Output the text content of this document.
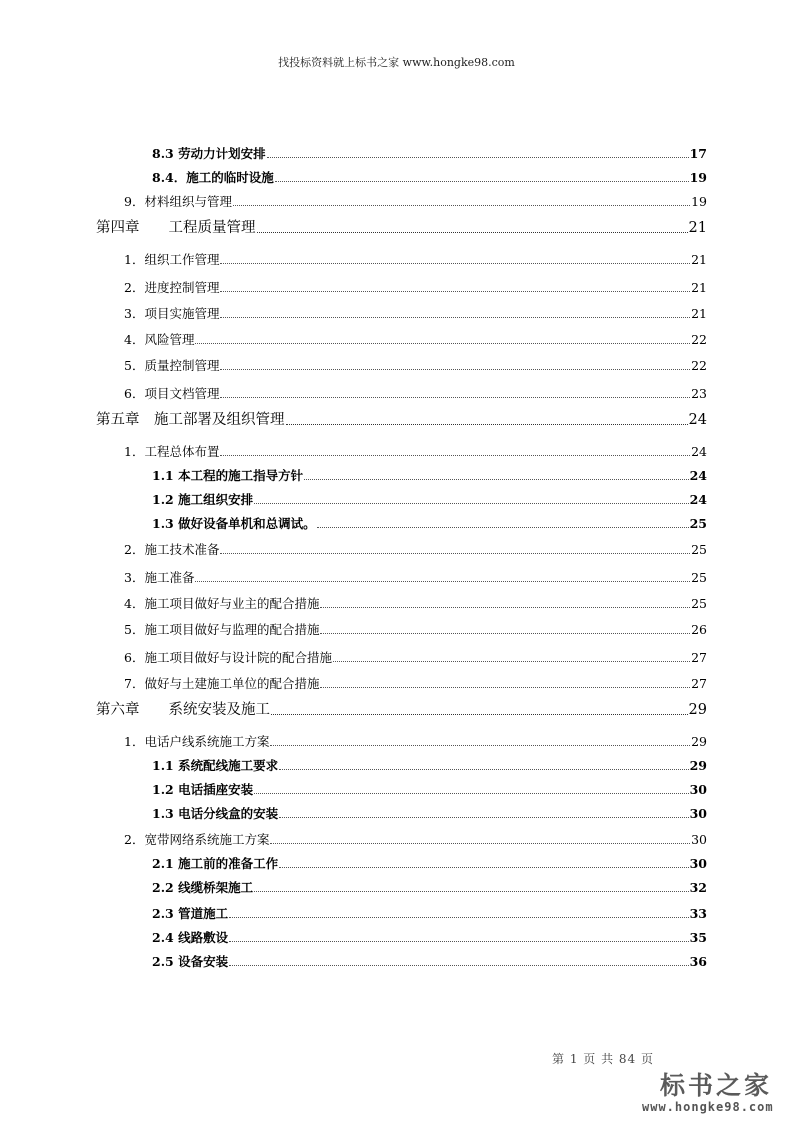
找投标资料就上标书之家 www.hongke98.com
8.3 劳动力计划安排	17
8.4．施工的临时设施	19
9．材料组织与管理	19
第四章　　工程质量管理	21
1．组织工作管理	21
2．进度控制管理	21
3．项目实施管理	21
4．风险管理	22
5．质量控制管理	22
6．项目文档管理	23
第五章　施工部署及组织管理	24
1．工程总体布置	24
1.1 本工程的施工指导方针	24
1.2 施工组织安排	24
1.3 做好设备单机和总调试。	25
2．施工技术准备	25
3．施工准备	25
4．施工项目做好与业主的配合措施	25
5．施工项目做好与监理的配合措施	26
6．施工项目做好与设计院的配合措施	27
7．做好与土建施工单位的配合措施	27
第六章　　系统安装及施工	29
1．电话户线系统施工方案	29
1.1 系统配线施工要求	29
1.2 电话插座安装	30
1.3 电话分线盒的安装	30
2．宽带网络系统施工方案	30
2.1 施工前的准备工作	30
2.2 线缆桥架施工	32
2.3 管道施工	33
2.4 线路敷设	35
2.5 设备安装	36
第 1 页 共 84 页
标书之家
www.hongke98.com
